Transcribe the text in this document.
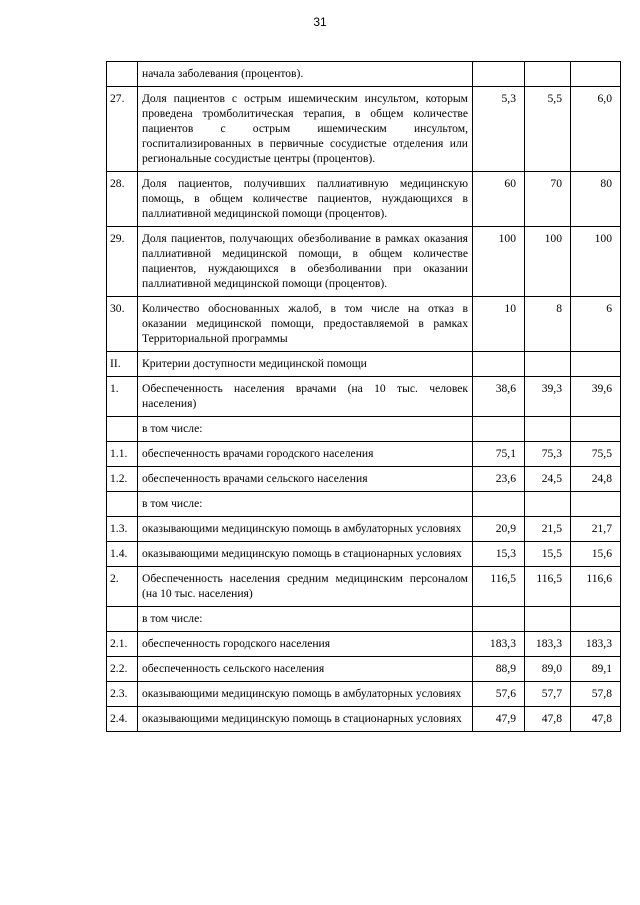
31
	начала заболевания (процентов).			
27.	Доля пациентов с острым ишемическим инсультом, которым проведена тромболитическая терапия, в общем количестве пациентов с острым ишемическим инсультом, госпитализированных в первичные сосудистые отделения или региональные сосудистые центры (процентов).	5,3	5,5	6,0
28.	Доля пациентов, получивших паллиативную медицинскую помощь, в общем количестве пациентов, нуждающихся в паллиативной медицинской помощи (процентов).	60	70	80
29.	Доля пациентов, получающих обезболивание в рамках оказания паллиативной медицинской помощи, в общем количестве пациентов, нуждающихся в обезболивании при оказании паллиативной медицинской помощи (процентов).	100	100	100
30.	Количество обоснованных жалоб, в том числе на отказ в оказании медицинской помощи, предоставляемой в рамках Территориальной программы	10	8	6
II.	Критерии доступности медицинской помощи			
1.	Обеспеченность населения врачами (на 10 тыс. человек населения)	38,6	39,3	39,6
	в том числе:			
1.1.	обеспеченность врачами городского населения	75,1	75,3	75,5
1.2.	обеспеченность врачами сельского населения	23,6	24,5	24,8
	в том числе:			
1.3.	оказывающими медицинскую помощь в амбулаторных условиях	20,9	21,5	21,7
1.4.	оказывающими медицинскую помощь в стационарных условиях	15,3	15,5	15,6
2.	Обеспеченность населения средним медицинским персоналом (на 10 тыс. населения)	116,5	116,5	116,6
	в том числе:			
2.1.	обеспеченность городского населения	183,3	183,3	183,3
2.2.	обеспеченность сельского населения	88,9	89,0	89,1
2.3.	оказывающими медицинскую помощь в амбулаторных условиях	57,6	57,7	57,8
2.4.	оказывающими медицинскую помощь в стационарных условиях	47,9	47,8	47,8
